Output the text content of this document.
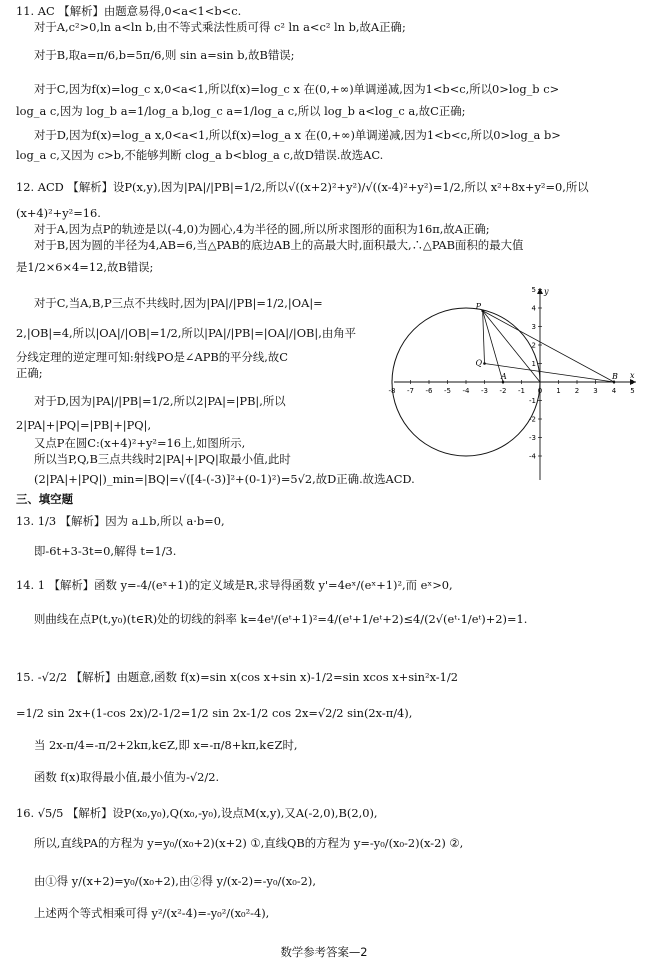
11. AC 【解析】由题意易得,0<a<1<b<c.
对于A,c²>0,ln a<ln b,由不等式乘法性质可得 c² ln a<c² ln b,故A正确;
对于B,取a=π/6,b=5π/6,则 sin a=sin b,故B错误;
对于C,因为f(x)=log_c x,0<a<1,所以f(x)=log_c x 在(0,+∞)单调递减,因为1<b<c,所以0>log_b c>
log_a c,因为 log_b a=1/log_a b,log_c a=1/log_a c,所以 log_b a<log_c a,故C正确;
对于D,因为f(x)=log_a x,0<a<1,所以f(x)=log_a x 在(0,+∞)单调递减,因为1<b<c,所以0>log_a b>
log_a c,又因为 c>b,不能够判断 clog_a b<blog_a c,故D错误.故选AC.
12. ACD 【解析】设P(x,y),因为|PA|/|PB|=1/2,所以√((x+2)²+y²)/√((x-4)²+y²)=1/2,所以 x²+8x+y²=0,所以
(x+4)²+y²=16.
对于A,因为点P的轨迹是以(-4,0)为圆心,4为半径的圆,所以所求图形的面积为16π,故A正确;
对于B,因为圆的半径为4,AB=6,当△PAB的底边AB上的高最大时,面积最大,∴△PAB面积的最大值
是1/2×6×4=12,故B错误;
对于C,当A,B,P三点不共线时,因为|PA|/|PB|=1/2,|OA|=
2,|OB|=4,所以|OA|/|OB|=1/2,所以|PA|/|PB|=|OA|/|OB|,由角平
分线定理的逆定理可知:射线PO是∠APB的平分线,故C
正确;
对于D,因为|PA|/|PB|=1/2,所以2|PA|=|PB|,所以
2|PA|+|PQ|=|PB|+|PQ|,
又点P在圆C:(x+4)²+y²=16上,如图所示,
所以当P,Q,B三点共线时2|PA|+|PQ|取最小值,此时
(2|PA|+|PQ|)_min=|BQ|=√([4-(-3)]²+(0-1)²)=5√2,故D正确.故选ACD.
三、填空题
13. 1/3 【解析】因为 a⊥b,所以 a·b=0,
即-6t+3-3t=0,解得 t=1/3.
14. 1 【解析】函数 y=-4/(eˣ+1)的定义域是R,求导得函数 y'=4eˣ/(eˣ+1)²,而 eˣ>0,
则曲线在点P(t,y₀)(t∈R)处的切线的斜率 k=4eᵗ/(eᵗ+1)²=4/(eᵗ+1/eᵗ+2)≤4/(2√(eᵗ·1/eᵗ)+2)=1.
15. -√2/2 【解析】由题意,函数 f(x)=sin x(cos x+sin x)-1/2=sin xcos x+sin²x-1/2
=1/2 sin 2x+(1-cos 2x)/2-1/2=1/2 sin 2x-1/2 cos 2x=√2/2 sin(2x-π/4),
当 2x-π/4=-π/2+2kπ,k∈Z,即 x=-π/8+kπ,k∈Z时,
函数 f(x)取得最小值,最小值为-√2/2.
16. √5/5 【解析】设P(x₀,y₀),Q(x₀,-y₀),设点M(x,y),又A(-2,0),B(2,0),
所以,直线PA的方程为 y=y₀/(x₀+2)(x+2) ①,直线QB的方程为 y=-y₀/(x₀-2)(x-2) ②,
由①得 y/(x+2)=y₀/(x₀+2),由②得 y/(x-2)=-y₀/(x₀-2),
上述两个等式相乘可得 y²/(x²-4)=-y₀²/(x₀²-4),
-8 -7 -6 -5 -4 -3 -2 -1 0 1 2 3 4 5
5
4
3
2
1
-1
-2
-3
-4
P
Q
A	B
y
x
数学参考答案—2
